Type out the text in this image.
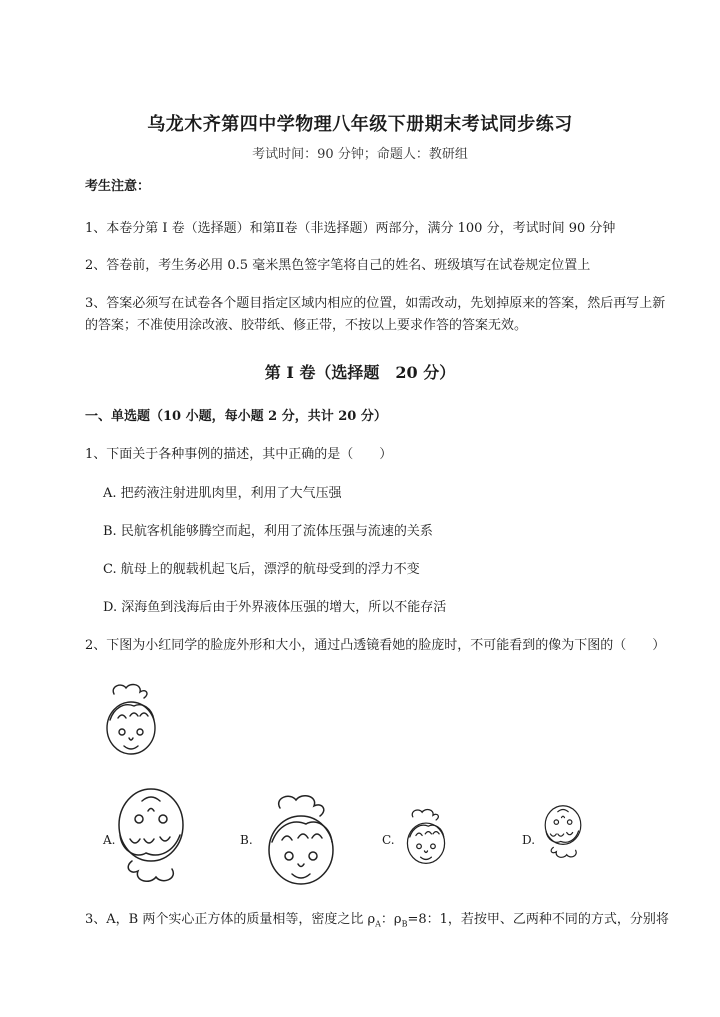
乌龙木齐第四中学物理八年级下册期末考试同步练习
考试时间：90 分钟；命题人：教研组
考生注意：
1、本卷分第 I 卷（选择题）和第Ⅱ卷（非选择题）两部分，满分 100 分，考试时间 90 分钟
2、答卷前，考生务必用 0.5 毫米黑色签字笔将自己的姓名、班级填写在试卷规定位置上
3、答案必须写在试卷各个题目指定区域内相应的位置，如需改动，先划掉原来的答案，然后再写上新
的答案；不准使用涂改液、胶带纸、修正带，不按以上要求作答的答案无效。
第 I 卷（选择题　20 分）
一、单选题（10 小题，每小题 2 分，共计 20 分）
1、下面关于各种事例的描述，其中正确的是（　　）
A. 把药液注射进肌肉里，利用了大气压强
B. 民航客机能够腾空而起，利用了流体压强与流速的关系
C. 航母上的舰载机起飞后，漂浮的航母受到的浮力不变
D. 深海鱼到浅海后由于外界液体压强的增大，所以不能存活
2、下图为小红同学的脸庞外形和大小，通过凸透镜看她的脸庞时，不可能看到的像为下图的（　　）
A.	B.	C.	D.
3、A，B 两个实心正方体的质量相等，密度之比 $\rho_A$：$\rho_B=8$：1，若按甲、乙两种不同的方式，分别将
